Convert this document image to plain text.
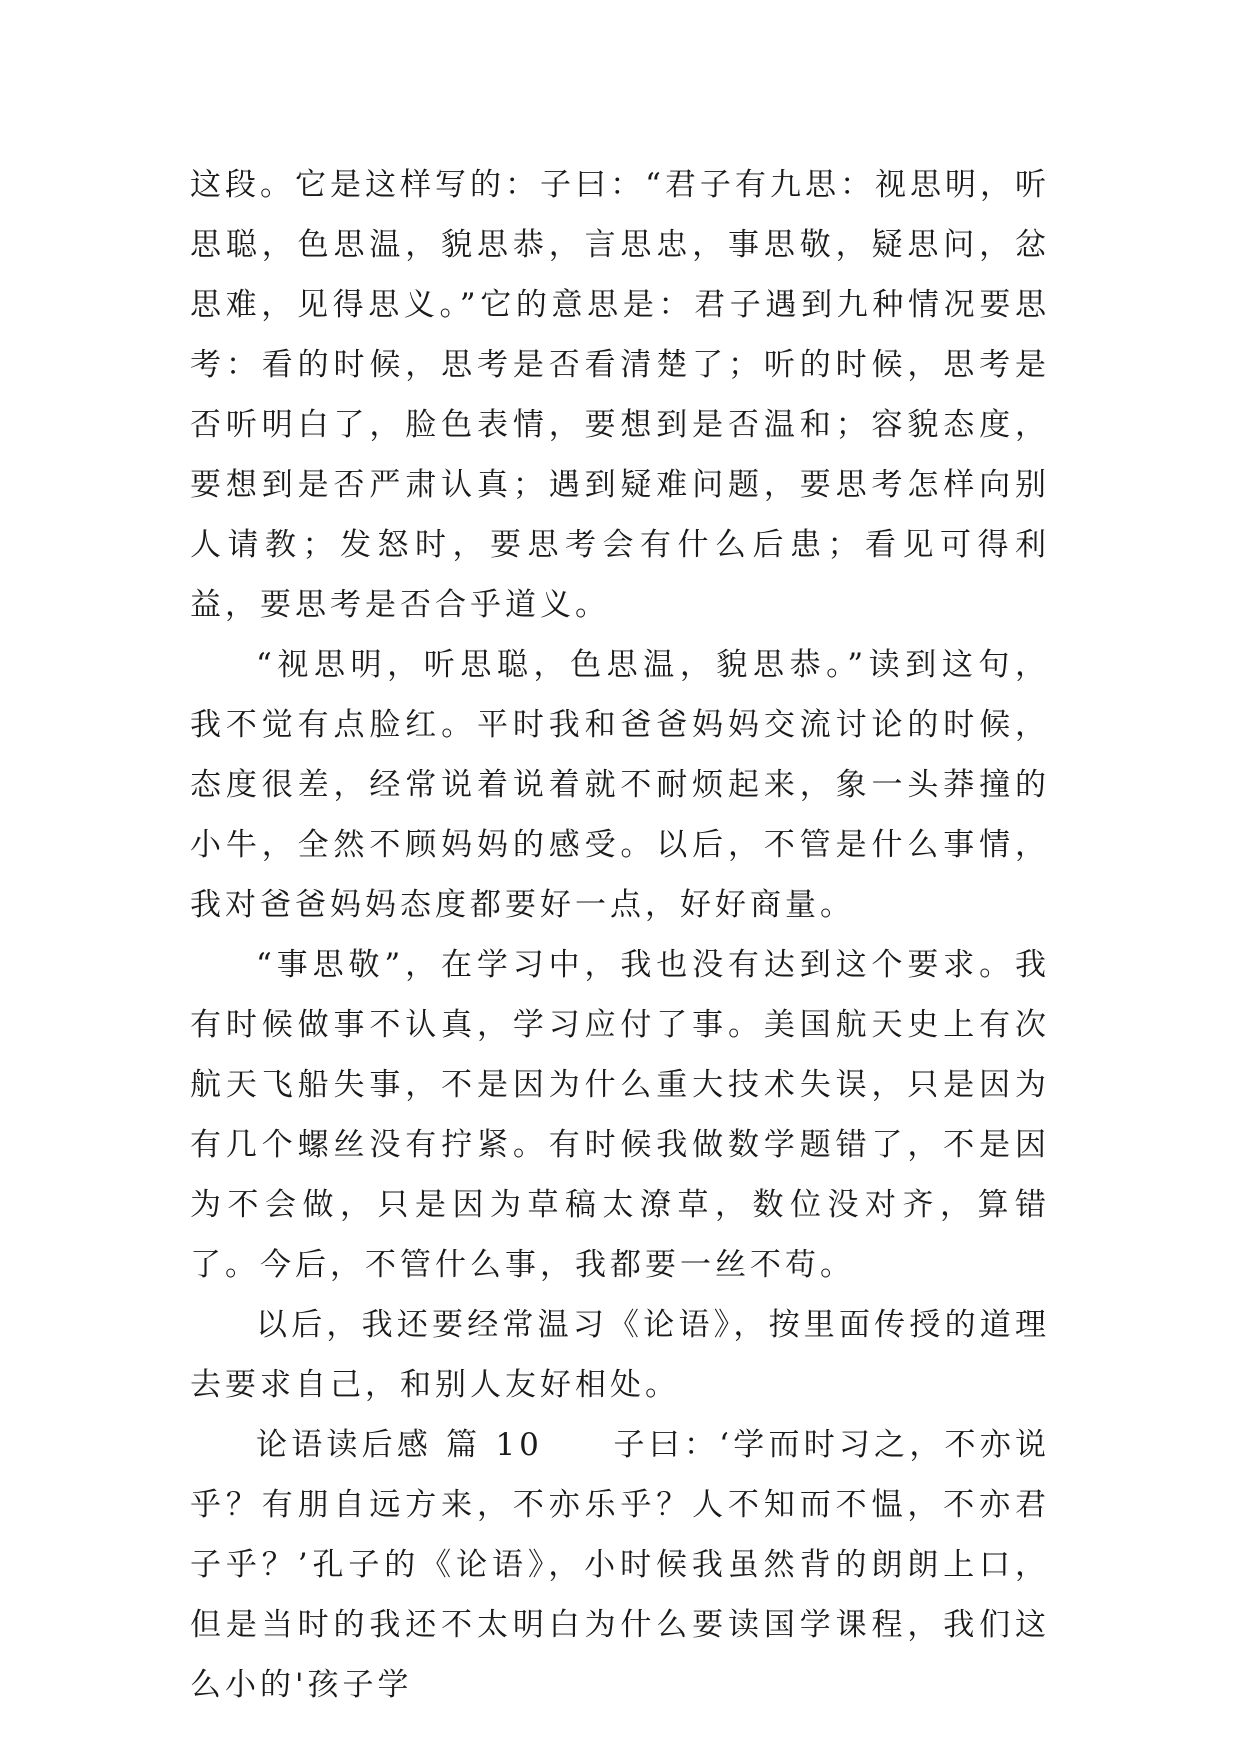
这段。它是这样写的：子曰：“君子有九思：视思明，听思聪，色思温，貌思恭，言思忠，事思敬，疑思问，忿思难，见得思义。”它的意思是：君子遇到九种情况要思考：看的时候，思考是否看清楚了；听的时候，思考是否听明白了，脸色表情，要想到是否温和；容貌态度，要想到是否严肃认真；遇到疑难问题，要思考怎样向别人请教；发怒时，要思考会有什么后患；看见可得利益，要思考是否合乎道义。

“视思明，听思聪，色思温，貌思恭。”读到这句，我不觉有点脸红。平时我和爸爸妈妈交流讨论的时候，态度很差，经常说着说着就不耐烦起来，象一头莽撞的小牛，全然不顾妈妈的感受。以后，不管是什么事情，我对爸爸妈妈态度都要好一点，好好商量。

“事思敬”，在学习中，我也没有达到这个要求。我有时候做事不认真，学习应付了事。美国航天史上有次航天飞船失事，不是因为什么重大技术失误，只是因为有几个螺丝没有拧紧。有时候我做数学题错了，不是因为不会做，只是因为草稿太潦草，数位没对齐，算错了。今后，不管什么事，我都要一丝不苟。

以后，我还要经常温习《论语》，按里面传授的道理去要求自己，和别人友好相处。

论语读后感 篇 10　　子曰：‘学而时习之，不亦说乎？有朋自远方来，不亦乐乎？人不知而不愠，不亦君子乎？’孔子的《论语》，小时候我虽然背的朗朗上口，但是当时的我还不太明白为什么要读国学课程，我们这么小的'孩子学
